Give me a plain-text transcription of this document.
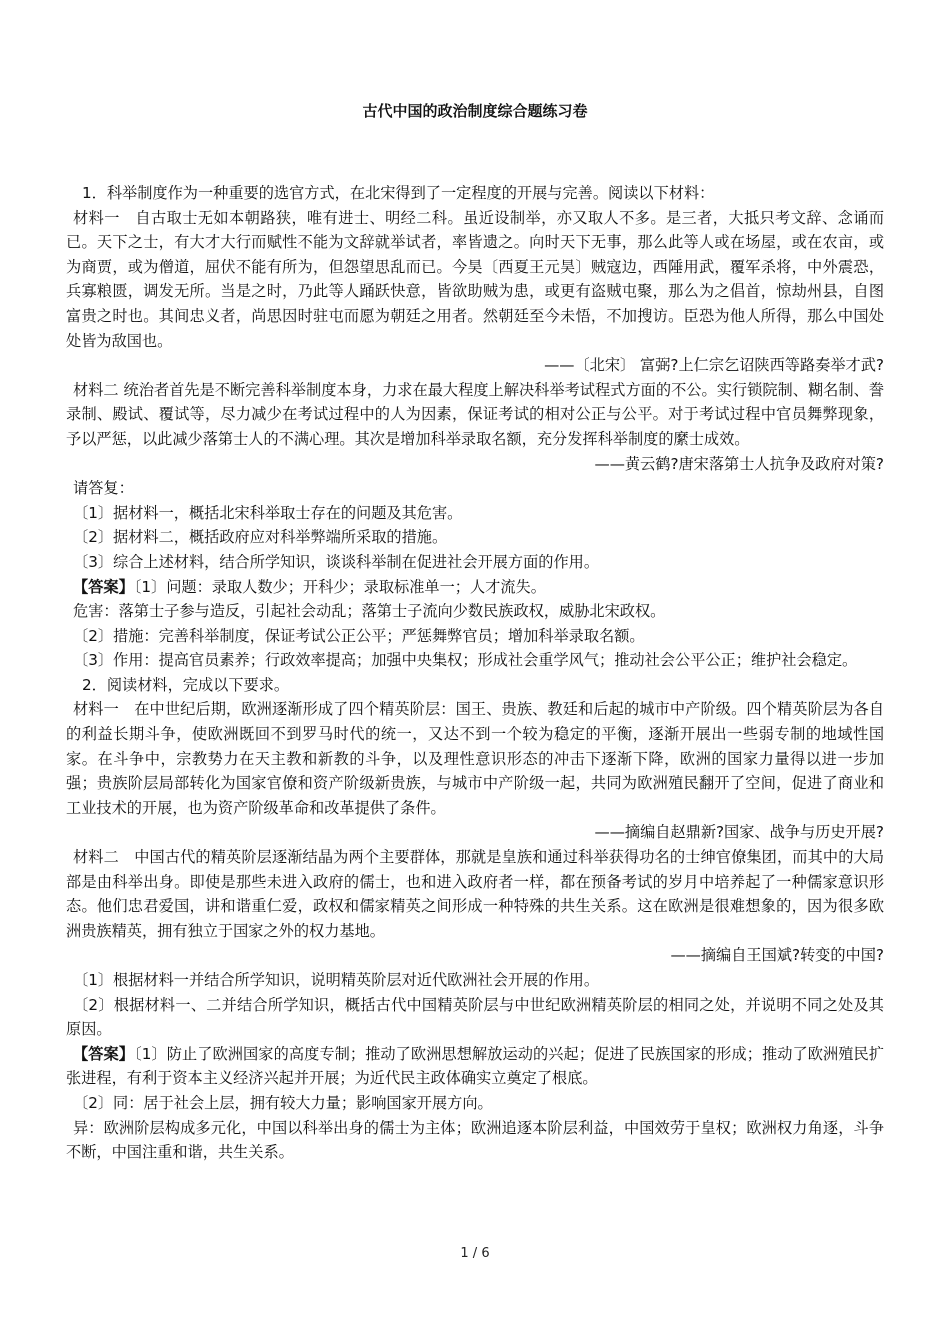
古代中国的政治制度综合题练习卷

1．科举制度作为一种重要的选官方式，在北宋得到了一定程度的开展与完善。阅读以下材料：

材料一　自古取士无如本朝路狭，唯有进士、明经二科。虽近设制举，亦又取人不多。是三者，大抵只考文辞、念诵而已。天下之士，有大才大行而赋性不能为文辞就举试者，率皆遗之。向时天下无事，那么此等人或在场屋，或在农亩，或为商贾，或为僧道，屈伏不能有所为，但怨望思乱而已。今昊〔西夏王元昊〕贼寇边，西陲用武，覆军杀将，中外震恐，兵寡粮匮，调发无所。当是之时，乃此等人踊跃快意，皆欲助贼为患，或更有盗贼屯聚，那么为之倡首，惊劫州县，自图富贵之时也。其间忠义者，尚思因时驻屯而愿为朝廷之用者。然朝廷至今未悟，不加搜访。臣恐为他人所得，那么中国处处皆为敌国也。

——〔北宋〕 富弼?上仁宗乞诏陕西等路奏举才武?

材料二 统治者首先是不断完善科举制度本身，力求在最大程度上解决科举考试程式方面的不公。实行锁院制、糊名制、誊录制、殿试、覆试等，尽力减少在考试过程中的人为因素，保证考试的相对公正与公平。对于考试过程中官员舞弊现象，予以严惩，以此减少落第士人的不满心理。其次是增加科举录取名额，充分发挥科举制度的縻士成效。

——黄云鹤?唐宋落第士人抗争及政府对策?

请答复：

〔1〕据材料一，概括北宋科举取士存在的问题及其危害。

〔2〕据材料二，概括政府应对科举弊端所采取的措施。

〔3〕综合上述材料，结合所学知识，谈谈科举制在促进社会开展方面的作用。

【答案】〔1〕问题：录取人数少；开科少；录取标准单一；人才流失。

危害：落第士子参与造反，引起社会动乱；落第士子流向少数民族政权，威胁北宋政权。

〔2〕措施：完善科举制度，保证考试公正公平；严惩舞弊官员；增加科举录取名额。

〔3〕作用：提高官员素养；行政效率提高；加强中央集权；形成社会重学风气；推动社会公平公正；维护社会稳定。

2．阅读材料，完成以下要求。

材料一　在中世纪后期，欧洲逐渐形成了四个精英阶层：国王、贵族、教廷和后起的城市中产阶级。四个精英阶层为各自的利益长期斗争，使欧洲既回不到罗马时代的统一，又达不到一个较为稳定的平衡，逐渐开展出一些弱专制的地域性国家。在斗争中，宗教势力在天主教和新教的斗争，以及理性意识形态的冲击下逐渐下降，欧洲的国家力量得以进一步加强；贵族阶层局部转化为国家官僚和资产阶级新贵族，与城市中产阶级一起，共同为欧洲殖民翻开了空间，促进了商业和工业技术的开展，也为资产阶级革命和改革提供了条件。

——摘编自赵鼎新?国家、战争与历史开展?

材料二　中国古代的精英阶层逐渐结晶为两个主要群体，那就是皇族和通过科举获得功名的士绅官僚集团，而其中的大局部是由科举出身。即使是那些未进入政府的儒士，也和进入政府者一样，都在预备考试的岁月中培养起了一种儒家意识形态。他们忠君爱国，讲和谐重仁爱，政权和儒家精英之间形成一种特殊的共生关系。这在欧洲是很难想象的，因为很多欧洲贵族精英，拥有独立于国家之外的权力基地。

——摘编自王国斌?转变的中国?

〔1〕根据材料一并结合所学知识，说明精英阶层对近代欧洲社会开展的作用。

〔2〕根据材料一、二并结合所学知识，概括古代中国精英阶层与中世纪欧洲精英阶层的相同之处，并说明不同之处及其原因。

【答案】〔1〕防止了欧洲国家的高度专制；推动了欧洲思想解放运动的兴起；促进了民族国家的形成；推动了欧洲殖民扩张进程，有利于资本主义经济兴起并开展；为近代民主政体确实立奠定了根底。

〔2〕同：居于社会上层，拥有较大力量；影响国家开展方向。

异：欧洲阶层构成多元化，中国以科举出身的儒士为主体；欧洲追逐本阶层利益，中国效劳于皇权；欧洲权力角逐，斗争不断，中国注重和谐，共生关系。

1 / 6
